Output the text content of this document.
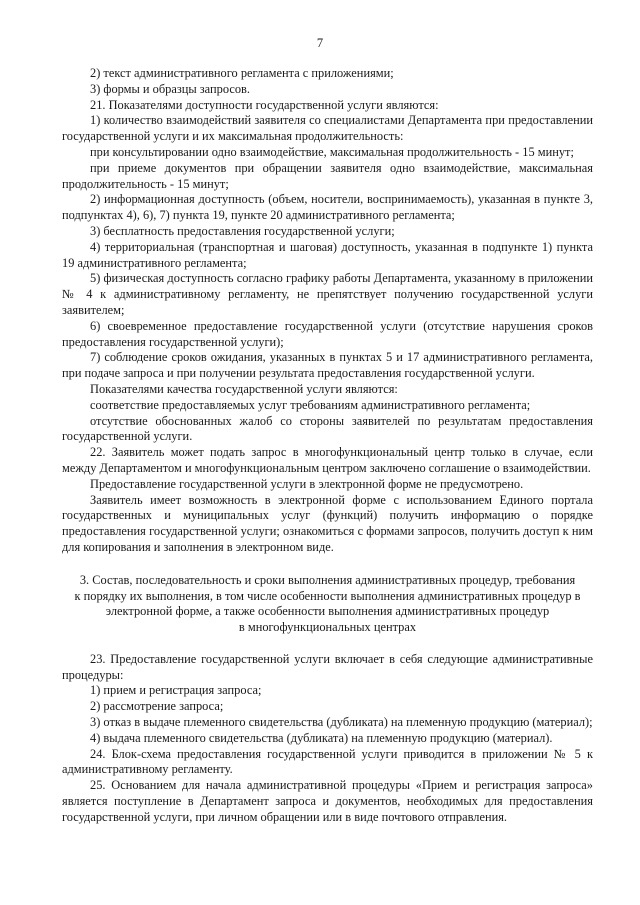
7

2) текст административного регламента с приложениями;

3) формы и образцы запросов.

21. Показателями доступности государственной услуги являются:

1) количество взаимодействий заявителя со специалистами Департамента при предоставлении государственной услуги и их максимальная продолжительность:

при консультировании одно взаимодействие, максимальная продолжительность - 15 минут;

при приеме документов при обращении заявителя одно взаимодействие, максимальная продолжительность - 15 минут;

2) информационная доступность (объем, носители, воспринимаемость), указанная в пункте 3, подпунктах 4), 6), 7) пункта 19, пункте 20 административного регламента;

3) бесплатность предоставления государственной услуги;

4) территориальная (транспортная и шаговая) доступность, указанная в подпункте 1) пункта 19 административного регламента;

5) физическая доступность согласно графику работы Департамента, указанному в приложении № 4 к административному регламенту, не препятствует получению государственной услуги заявителем;

6) своевременное предоставление государственной услуги (отсутствие нарушения сроков предоставления государственной услуги);

7) соблюдение сроков ожидания, указанных в пунктах 5 и 17 административного регламента, при подаче запроса и при получении результата предоставления государственной услуги.

Показателями качества государственной услуги являются:

соответствие предоставляемых услуг требованиям административного регламента;

отсутствие обоснованных жалоб со стороны заявителей по результатам предоставления государственной услуги.

22. Заявитель может подать запрос в многофункциональный центр только в случае, если между Департаментом и многофункциональным центром заключено соглашение о взаимодействии.

Предоставление государственной услуги в электронной форме не предусмотрено.

Заявитель имеет возможность в электронной форме с использованием Единого портала государственных и муниципальных услуг (функций) получить информацию о порядке предоставления государственной услуги; ознакомиться с формами запросов, получить доступ к ним для копирования и заполнения в электронном виде.

3. Состав, последовательность и сроки выполнения административных процедур, требования
к порядку их выполнения, в том числе особенности выполнения административных процедур в
электронной форме, а также особенности выполнения административных процедур
в многофункциональных центрах

23. Предоставление государственной услуги включает в себя следующие административные процедуры:

1) прием и регистрация запроса;

2) рассмотрение запроса;

3) отказ в выдаче племенного свидетельства (дубликата) на племенную продукцию (материал);

4) выдача племенного свидетельства (дубликата) на племенную продукцию (материал).

24. Блок-схема предоставления государственной услуги приводится в приложении № 5 к административному регламенту.

25. Основанием для начала административной процедуры «Прием и регистрация запроса» является поступление в Департамент запроса и документов, необходимых для предоставления государственной услуги, при личном обращении или в виде почтового отправления.
